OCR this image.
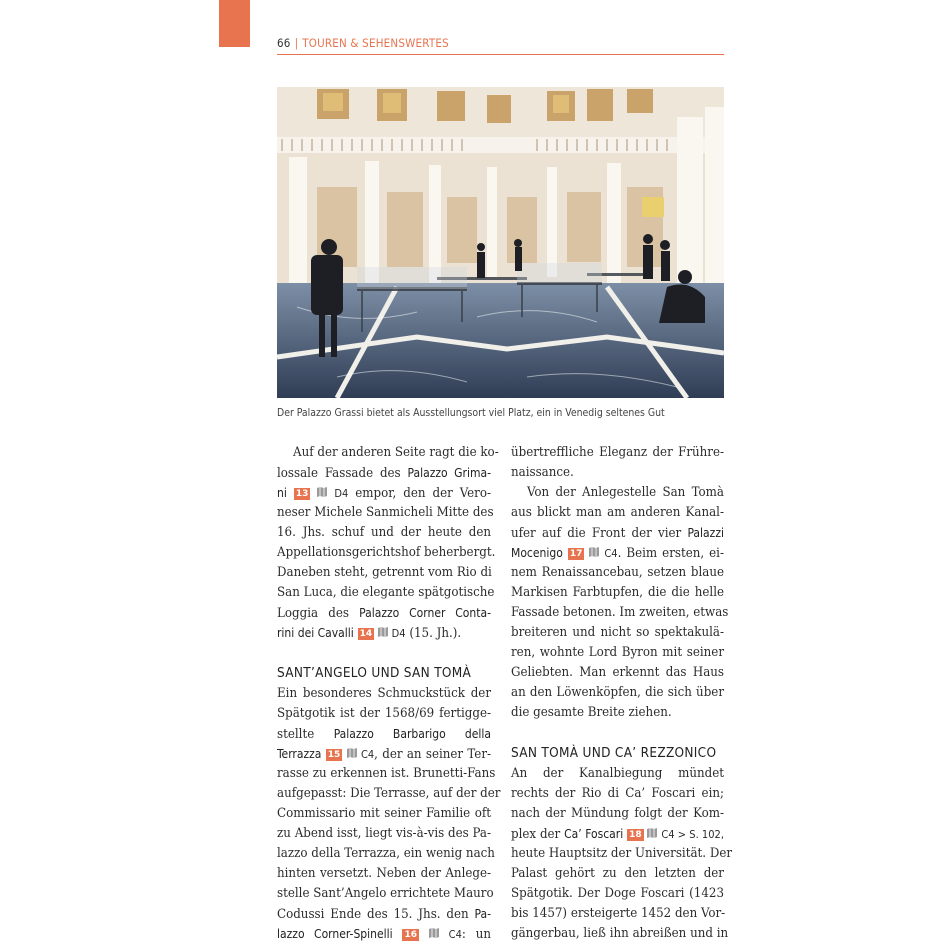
66 | TOUREN & SEHENSWERTES
Der Palazzo Grassi bietet als Ausstellungsort viel Platz, ein in Venedig seltenes Gut
Auf der anderen Seite ragt die ko-
lossale Fassade des Palazzo Grima-
ni 13 D4 empor, den der Vero-
neser Michele Sanmicheli Mitte des
16. Jhs. schuf und der heute den
Appellationsgerichtshof beherbergt.
Daneben steht, getrennt vom Rio di
San Luca, die elegante spätgotische
Loggia des Palazzo Corner Conta-
rini dei Cavalli 14 D4 (15. Jh.).
SANT’ANGELO UND SAN TOMÀ
Ein besonderes Schmuckstück der
Spätgotik ist der 1568/69 fertigge-
stellte Palazzo Barbarigo della
Terrazza 15 C4, der an seiner Ter-
rasse zu erkennen ist. Brunetti-Fans
aufgepasst: Die Terrasse, auf der der
Commissario mit seiner Familie oft
zu Abend isst, liegt vis-à-vis des Pa-
lazzo della Terrazza, ein wenig nach
hinten versetzt. Neben der Anlege-
stelle Sant’Angelo errichtete Mauro
Codussi Ende des 15. Jhs. den Pa-
lazzo Corner-Spinelli 16	C4: un
übertreffliche Eleganz der Frühre-
naissance.
Von der Anlegestelle San Tomà
aus blickt man am anderen Kanal-
ufer auf die Front der vier Palazzi
Mocenigo 17 C4. Beim ersten, ei-
nem Renaissancebau, setzen blaue
Markisen Farbtupfen, die die helle
Fassade betonen. Im zweiten, etwas
breiteren und nicht so spektakulä-
ren, wohnte Lord Byron mit seiner
Geliebten. Man erkennt das Haus
an den Löwenköpfen, die sich über
die gesamte Breite ziehen.
SAN TOMÀ UND CA’ REZZONICO
An der Kanalbiegung mündet
rechts der Rio di Ca’ Foscari ein;
nach der Mündung folgt der Kom-
plex der Ca’ Foscari 18 C4 > S. 102,
heute Hauptsitz der Universität. Der
Palast gehört zu den letzten der
Spätgotik. Der Doge Foscari (1423
bis 1457) ersteigerte 1452 den Vor-
gängerbau, ließ ihn abreißen und in
